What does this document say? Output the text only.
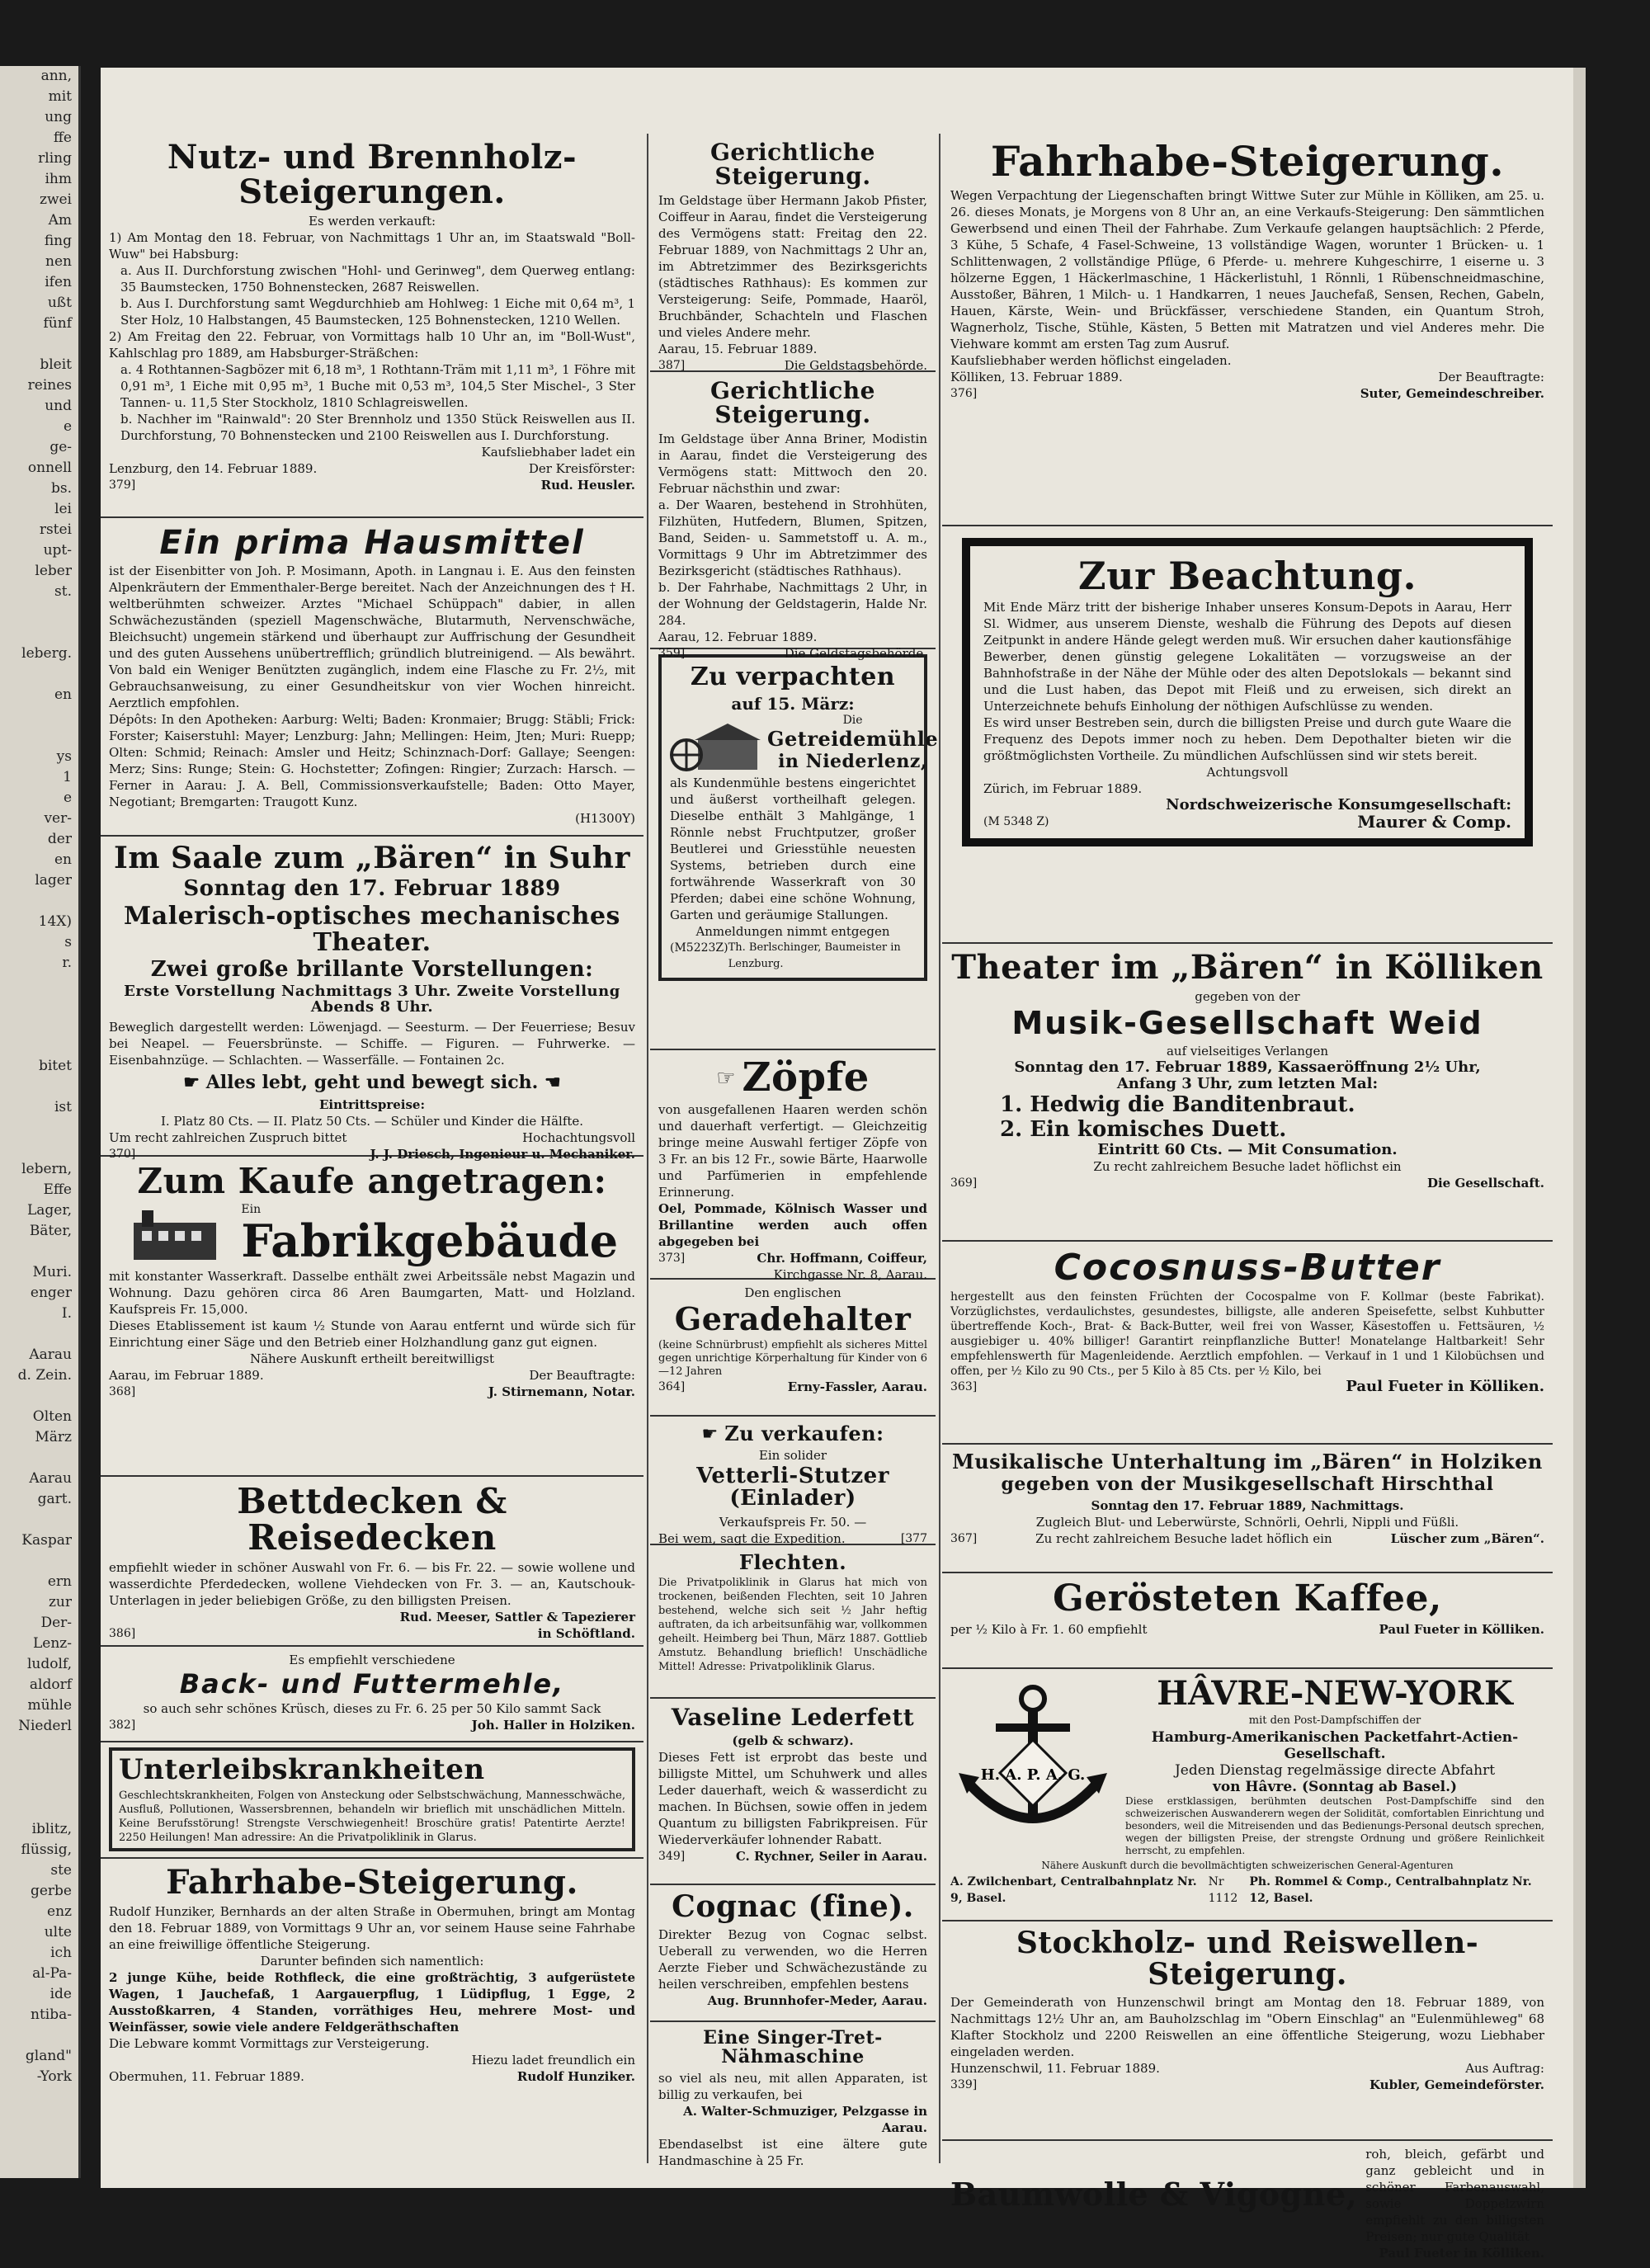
ann,
mit
ung
ffe
rling
ihm
zwei
Am
fing
nen
ifen
ußt
fünf

bleit
reines
und
e
ge-
onnell
bs.
lei
rstei
upt-
leber
st.

leberg.

en

ys
1
e
ver-
der
en
lager

14X)
s
r.

bitet

ist

lebern,
Effe
Lager,
Bäter,

Muri.
enger
I.

Aarau
d. Zein.

Olten
März

Aarau
gart.

Kaspar

ern
zur
Der-
Lenz-
ludolf,
aldorf
mühle
Niederl

iblitz,
flüssig,
ste
gerbe
enz
ulte
ich
al-Pa-
ide
ntiba-

gland"
-York
Nutz- und Brennholz-Steigerungen.

Es werden verkauft:

1) Am Montag den 18. Februar, von Nachmittags 1 Uhr an, im Staatswald "Boll-Wuw" bei Habsburg:

a. Aus II. Durchforstung zwischen "Hohl- und Gerinweg", dem Querweg entlang: 35 Baumstecken, 1750 Bohnenstecken, 2687 Reiswellen.

b. Aus I. Durchforstung samt Wegdurchhieb am Hohlweg: 1 Eiche mit 0,64 m³, 1 Ster Holz, 10 Halbstangen, 45 Baumstecken, 125 Bohnenstecken, 1210 Wellen.

2) Am Freitag den 22. Februar, von Vormittags halb 10 Uhr an, im "Boll-Wust", Kahlschlag pro 1889, am Habsburger-Sträßchen:

a. 4 Rothtannen-Sagbözer mit 6,18 m³, 1 Rothtann-Träm mit 1,11 m³, 1 Föhre mit 0,91 m³, 1 Eiche mit 0,95 m³, 1 Buche mit 0,53 m³, 104,5 Ster Mischel-, 3 Ster Tannen- u. 11,5 Ster Stockholz, 1810 Schlagreiswellen.

b. Nachher im "Rainwald": 20 Ster Brennholz und 1350 Stück Reiswellen aus II. Durchforstung, 70 Bohnenstecken und 2100 Reiswellen aus I. Durchforstung.

Kaufsliebhaber ladet ein

Lenzburg, den 14. Februar 1889.	Der Kreisförster:
379]	Rud. Heusler.
Ein prima Hausmittel

ist der Eisenbitter von Joh. P. Mosimann, Apoth. in Langnau i. E. Aus den feinsten Alpenkräutern der Emmenthaler-Berge bereitet. Nach der Anzeichnungen des † H. weltberühmten schweizer. Arztes "Michael Schüppach" dabier, in allen Schwächezuständen (speziell Magenschwäche, Blutarmuth, Nervenschwäche, Bleichsucht) ungemein stärkend und überhaupt zur Auffrischung der Gesundheit und des guten Aussehens unübertrefflich; gründlich blutreinigend. — Als bewährt. Von bald ein Weniger Benützten zugänglich, indem eine Flasche zu Fr. 2½, mit Gebrauchsanweisung, zu einer Gesundheitskur von vier Wochen hinreicht. Aerztlich empfohlen.

Dépôts: In den Apotheken: Aarburg: Welti; Baden: Kronmaier; Brugg: Stäbli; Frick: Forster; Kaiserstuhl: Mayer; Lenzburg: Jahn; Mellingen: Heim, Jten; Muri: Ruepp; Olten: Schmid; Reinach: Amsler und Heitz; Schinznach-Dorf: Gallaye; Seengen: Merz; Sins: Runge; Stein: G. Hochstetter; Zofingen: Ringier; Zurzach: Harsch. — Ferner in Aarau: J. A. Bell, Commissionsverkaufstelle; Baden: Otto Mayer, Negotiant; Bremgarten: Traugott Kunz.

(H1300Y)

Im Saale zum „Bären“ in Suhr
Sonntag den 17. Februar 1889
Malerisch-optisches mechanisches Theater.
Zwei große brillante Vorstellungen:
Erste Vorstellung Nachmittags 3 Uhr. Zweite Vorstellung Abends 8 Uhr.

Beweglich dargestellt werden: Löwenjagd. — Seesturm. — Der Feuerriese; Besuv bei Neapel. — Feuersbrünste. — Schiffe. — Figuren. — Fuhrwerke. — Eisenbahnzüge. — Schlachten. — Wasserfälle. — Fontainen 2c.

☛ Alles lebt, geht und bewegt sich. ☚

Eintrittspreise:

I. Platz 80 Cts. — II. Platz 50 Cts. — Schüler und Kinder die Hälfte.

Um recht zahlreichen Zuspruch bittet	Hochachtungsvoll
370]	J. J. Driesch, Ingenieur u. Mechaniker.
Zum Kaufe angetragen:
Ein
Fabrikgebäude

mit konstanter Wasserkraft. Dasselbe enthält zwei Arbeitssäle nebst Magazin und Wohnung. Dazu gehören circa 86 Aren Baumgarten, Matt- und Holzland. Kaufspreis Fr. 15,000.

Dieses Etablissement ist kaum ½ Stunde von Aarau entfernt und würde sich für Einrichtung einer Säge und den Betrieb einer Holzhandlung ganz gut eignen.

Nähere Auskunft ertheilt bereitwilligst

Aarau, im Februar 1889.	Der Beauftragte:
368]	J. Stirnemann, Notar.
Bettdecken & Reisedecken

empfiehlt wieder in schöner Auswahl von Fr. 6. — bis Fr. 22. — sowie wollene und wasserdichte Pferdedecken, wollene Viehdecken von Fr. 3. — an, Kautschouk-Unterlagen in jeder beliebigen Größe, zu den billigsten Preisen.

Rud. Meeser, Sattler & Tapezierer
386]	in Schöftland.

Es empfiehlt verschiedene

Back- und Futtermehle,

so auch sehr schönes Krüsch, dieses zu Fr. 6. 25 per 50 Kilo sammt Sack

382]	Joh. Haller in Holziken.
Unterleibskrankheiten

Geschlechtskrankheiten, Folgen von Ansteckung oder Selbstschwächung, Mannesschwäche, Ausfluß, Pollutionen, Wassersbrennen, behandeln wir brieflich mit unschädlichen Mitteln. Keine Berufsstörung! Strengste Verschwiegenheit! Broschüre gratis! Patentirte Aerzte! 2250 Heilungen! Man adressire: An die Privatpoliklinik in Glarus.

Fahrhabe-Steigerung.

Rudolf Hunziker, Bernhards an der alten Straße in Obermuhen, bringt am Montag den 18. Februar 1889, von Vormittags 9 Uhr an, vor seinem Hause seine Fahrhabe an eine freiwillige öffentliche Steigerung.

Darunter befinden sich namentlich:

2 junge Kühe, beide Rothfleck, die eine großträchtig, 3 aufgerüstete Wagen, 1 Jauchefaß, 1 Aargauerpflug, 1 Lüdipflug, 1 Egge, 2 Ausstoßkarren, 4 Standen, vorräthiges Heu, mehrere Most- und Weinfässer, sowie viele andere Feldgeräthschaften

Die Lebware kommt Vormittags zur Versteigerung.

Hiezu ladet freundlich ein

Obermuhen, 11. Februar 1889.	Rudolf Hunziker.
Gerichtliche Steigerung.

Im Geldstage über Hermann Jakob Pfister, Coiffeur in Aarau, findet die Versteigerung des Vermögens statt: Freitag den 22. Februar 1889, von Nachmittags 2 Uhr an, im Abtretzimmer des Bezirksgerichts (städtisches Rathhaus): Es kommen zur Versteigerung: Seife, Pommade, Haaröl, Bruchbänder, Schachteln und Flaschen und vieles Andere mehr.

Aarau, 15. Februar 1889.

387]	Die Geldstagsbehörde.
Gerichtliche Steigerung.

Im Geldstage über Anna Briner, Modistin in Aarau, findet die Versteigerung des Vermögens statt: Mittwoch den 20. Februar nächsthin und zwar:

a. Der Waaren, bestehend in Strohhüten, Filzhüten, Hutfedern, Blumen, Spitzen, Band, Seiden- u. Sammetstoff u. A. m., Vormittags 9 Uhr im Abtretzimmer des Bezirksgericht (städtisches Rathhaus).

b. Der Fahrhabe, Nachmittags 2 Uhr, in der Wohnung der Geldstagerin, Halde Nr. 284.

Aarau, 12. Februar 1889.

359]	Die Geldstagsbehörde.
Zu verpachten
auf 15. März:
Die
Getreidemühle
in Niederlenz,

als Kundenmühle bestens eingerichtet und äußerst vortheilhaft gelegen. Dieselbe enthält 3 Mahlgänge, 1 Rönnle nebst Fruchtputzer, großer Beutlerei und Griesstühle neuesten Systems, betrieben durch eine fortwährende Wasserkraft von 30 Pferden; dabei eine schöne Wohnung, Garten und geräumige Stallungen.

Anmeldungen nimmt entgegen

(M5223Z) Th. Berlschinger, Baumeister in Lenzburg.
☞ Zöpfe

von ausgefallenen Haaren werden schön und dauerhaft verfertigt. — Gleichzeitig bringe meine Auswahl fertiger Zöpfe von 3 Fr. an bis 12 Fr., sowie Bärte, Haarwolle und Parfümerien in empfehlende Erinnerung.

Oel, Pommade, Kölnisch Wasser und Brillantine werden auch offen abgegeben bei

373]	Chr. Hoffmann, Coiffeur,

Kirchgasse Nr. 8, Aarau.

Den englischen

Geradehalter

(keine Schnürbrust) empfiehlt als sicheres Mittel gegen unrichtige Körperhaltung für Kinder von 6—12 Jahren

364]	Erny-Fassler, Aarau.
☛ Zu verkaufen:

Ein solider

Vetterli-Stutzer (Einlader)

Verkaufspreis Fr. 50. —

Bei wem, sagt die Expedition.	[377
Flechten.

Die Privatpoliklinik in Glarus hat mich von trockenen, beißenden Flechten, seit 10 Jahren bestehend, welche sich seit ½ Jahr heftig auftraten, da ich arbeitsunfähig war, vollkommen geheilt. Heimberg bei Thun, März 1887. Gottlieb Amstutz. Behandlung brieflich! Unschädliche Mittel! Adresse: Privatpoliklinik Glarus.

Vaseline Lederfett

(gelb & schwarz).

Dieses Fett ist erprobt das beste und billigste Mittel, um Schuhwerk und alles Leder dauerhaft, weich & wasserdicht zu machen. In Büchsen, sowie offen in jedem Quantum zu billigsten Fabrikpreisen. Für Wiederverkäufer lohnender Rabatt.

349]	C. Rychner, Seiler in Aarau.
Cognac (fine).

Direkter Bezug von Cognac selbst. Ueberall zu verwenden, wo die Herren Aerzte Fieber und Schwächezustände zu heilen verschreiben, empfehlen bestens

Aug. Brunnhofer-Meder, Aarau.

Eine Singer-Tret-Nähmaschine

so viel als neu, mit allen Apparaten, ist billig zu verkaufen, bei

A. Walter-Schmuziger, Pelzgasse in Aarau.

Ebendaselbst ist eine ältere gute Handmaschine à 25 Fr.

Fahrhabe-Steigerung.

Wegen Verpachtung der Liegenschaften bringt Wittwe Suter zur Mühle in Kölliken, am 25. u. 26. dieses Monats, je Morgens von 8 Uhr an, an eine Verkaufs-Steigerung: Den sämmtlichen Gewerbsend und einen Theil der Fahrhabe. Zum Verkaufe gelangen hauptsächlich: 2 Pferde, 3 Kühe, 5 Schafe, 4 Fasel-Schweine, 13 vollständige Wagen, worunter 1 Brücken- u. 1 Schlittenwagen, 2 vollständige Pflüge, 6 Pferde- u. mehrere Kuhgeschirre, 1 eiserne u. 3 hölzerne Eggen, 1 Häckerlmaschine, 1 Häckerlistuhl, 1 Rönnli, 1 Rübenschneidmaschine, Ausstoßer, Bähren, 1 Milch- u. 1 Handkarren, 1 neues Jauchefaß, Sensen, Rechen, Gabeln, Hauen, Kärste, Wein- und Brückfässer, verschiedene Standen, ein Quantum Stroh, Wagnerholz, Tische, Stühle, Kästen, 5 Betten mit Matratzen und viel Anderes mehr. Die Viehware kommt am ersten Tag zum Ausruf.

Kaufsliebhaber werden höflichst eingeladen.

Kölliken, 13. Februar 1889.	Der Beauftragte:
376]	Suter, Gemeindeschreiber.
Zur Beachtung.

Mit Ende März tritt der bisherige Inhaber unseres Konsum-Depots in Aarau, Herr Sl. Widmer, aus unserem Dienste, weshalb die Führung des Depots auf diesen Zeitpunkt in andere Hände gelegt werden muß. Wir ersuchen daher kautionsfähige Bewerber, denen günstig gelegene Lokalitäten — vorzugsweise an der Bahnhofstraße in der Nähe der Mühle oder des alten Depotslokals — bekannt sind und die Lust haben, das Depot mit Fleiß und zu erweisen, sich direkt an Unterzeichnete behufs Einholung der nöthigen Aufschlüsse zu wenden.

Es wird unser Bestreben sein, durch die billigsten Preise und durch gute Waare die Frequenz des Depots immer noch zu heben. Dem Depothalter bieten wir die größtmöglichsten Vortheile. Zu mündlichen Aufschlüssen sind wir stets bereit.

Achtungsvoll

Zürich, im Februar 1889.

Nordschweizerische Konsumgesellschaft:

(M 5348 Z)	Maurer & Comp.
Theater im „Bären“ in Kölliken

gegeben von der

Musik-Gesellschaft Weid

auf vielseitiges Verlangen

Sonntag den 17. Februar 1889, Kassaeröffnung 2½ Uhr,

Anfang 3 Uhr, zum letzten Mal:

1. Hedwig die Banditenbraut.
2. Ein komisches Duett.

Eintritt 60 Cts. — Mit Consumation.

Zu recht zahlreichem Besuche ladet höflichst ein

369]	Die Gesellschaft.
Cocosnuss-Butter

hergestellt aus den feinsten Früchten der Cocospalme von F. Kollmar (beste Fabrikat). Vorzüglichstes, verdaulichstes, gesundestes, billigste, alle anderen Speisefette, selbst Kuhbutter übertreffende Koch-, Brat- & Back-Butter, weil frei von Wasser, Käsestoffen u. Fettsäuren, ½ ausgiebiger u. 40% billiger! Garantirt reinpflanzliche Butter! Monatelange Haltbarkeit! Sehr empfehlenswerth für Magenleidende. Aerztlich empfohlen. — Verkauf in 1 und 1 Kilobüchsen und offen, per ½ Kilo zu 90 Cts., per 5 Kilo à 85 Cts. per ½ Kilo, bei

363]	Paul Fueter in Kölliken.
Musikalische Unterhaltung im „Bären“ in Holziken
gegeben von der Musikgesellschaft Hirschthal

Sonntag den 17. Februar 1889, Nachmittags.

Zugleich Blut- und Leberwürste, Schnörli, Oehrli, Nippli und Füßli.

367]	Zu recht zahlreichem Besuche ladet höflich ein	Lüscher zum „Bären“.
Gerösteten Kaffee,
per ½ Kilo à Fr. 1. 60 empfiehlt	Paul Fueter in Kölliken.
H. A. P. A. G.
HÂVRE-NEW-YORK

mit den Post-Dampfschiffen der

Hamburg-Amerikanischen Packetfahrt-Actien-Gesellschaft.

Jeden Dienstag regelmässige directe Abfahrt

von Hâvre. (Sonntag ab Basel.)

Diese erstklassigen, berühmten deutschen Post-Dampfschiffe sind den schweizerischen Auswanderern wegen der Solidität, comfortablen Einrichtung und besonders, weil die Mitreisenden und das Bedienungs-Personal deutsch sprechen, wegen der billigsten Preise, der strengste Ordnung und größere Reinlichkeit herrscht, zu empfehlen.

Nähere Auskunft durch die bevollmächtigten schweizerischen General-Agenturen

A. Zwilchenbart, Centralbahnplatz Nr. 9, Basel.
Nr 1112
Ph. Rommel & Comp., Centralbahnplatz Nr. 12, Basel.
Stockholz- und Reiswellen-Steigerung.

Der Gemeinderath von Hunzenschwil bringt am Montag den 18. Februar 1889, von Nachmittags 12½ Uhr an, am Bauholzschlag im "Obern Einschlag" an "Eulenmühleweg" 68 Klafter Stockholz und 2200 Reiswellen an eine öffentliche Steigerung, wozu Liebhaber eingeladen werden.

Hunzenschwil, 11. Februar 1889.	Aus Auftrag:
339]	Kubler, Gemeindeförster.
Baumwolle & Vigogne,

roh, bleich, gefärbt und ganz gebleicht und in schöner Farbenauswahl, sowie Doppelzwirn empfiehlt zu den billigsten Preisen; nur gute Qualität

Paul Fueter in Kölliken.
